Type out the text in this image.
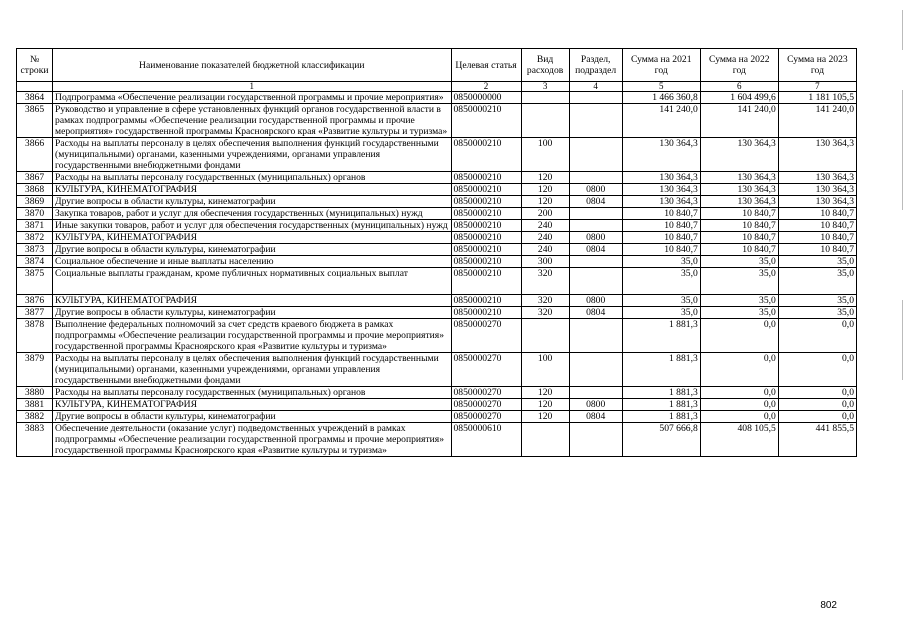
№ строки	Наименование показателей бюджетной классификации	Целевая статья	Вид расходов	Раздел, подраздел	Сумма на 2021 год	Сумма на 2022 год	Сумма на 2023 год
	1	2	3	4	5	6	7
3864	Подпрограмма «Обеспечение реализации государственной программы и прочие мероприятия»	0850000000			1 466 360,8	1 604 499,6	1 181 105,5
3865	Руководство и управление в сфере установленных функций органов государственной власти в рамках подпрограммы «Обеспечение реализации государственной программы и прочие мероприятия» государственной программы Красноярского края «Развитие культуры и туризма»	0850000210			141 240,0	141 240,0	141 240,0
3866	Расходы на выплаты персоналу в целях обеспечения выполнения функций государственными (муниципальными) органами, казенными учреждениями, органами управления государственными внебюджетными фондами	0850000210	100		130 364,3	130 364,3	130 364,3
3867	Расходы на выплаты персоналу государственных (муниципальных) органов	0850000210	120		130 364,3	130 364,3	130 364,3
3868	КУЛЬТУРА, КИНЕМАТОГРАФИЯ	0850000210	120	0800	130 364,3	130 364,3	130 364,3
3869	Другие вопросы в области культуры, кинематографии	0850000210	120	0804	130 364,3	130 364,3	130 364,3
3870	Закупка товаров, работ и услуг для обеспечения государственных (муниципальных) нужд	0850000210	200		10 840,7	10 840,7	10 840,7
3871	Иные закупки товаров, работ и услуг для обеспечения государственных (муниципальных) нужд	0850000210	240		10 840,7	10 840,7	10 840,7
3872	КУЛЬТУРА, КИНЕМАТОГРАФИЯ	0850000210	240	0800	10 840,7	10 840,7	10 840,7
3873	Другие вопросы в области культуры, кинематографии	0850000210	240	0804	10 840,7	10 840,7	10 840,7
3874	Социальное обеспечение и иные выплаты населению	0850000210	300		35,0	35,0	35,0
3875	Социальные выплаты гражданам, кроме публичных нормативных социальных выплат	0850000210	320		35,0	35,0	35,0
3876	КУЛЬТУРА, КИНЕМАТОГРАФИЯ	0850000210	320	0800	35,0	35,0	35,0
3877	Другие вопросы в области культуры, кинематографии	0850000210	320	0804	35,0	35,0	35,0
3878	Выполнение федеральных полномочий за счет средств краевого бюджета в рамках подпрограммы «Обеспечение реализации государственной программы и прочие мероприятия» государственной программы Красноярского края «Развитие культуры и туризма»	0850000270			1 881,3	0,0	0,0
3879	Расходы на выплаты персоналу в целях обеспечения выполнения функций государственными (муниципальными) органами, казенными учреждениями, органами управления государственными внебюджетными фондами	0850000270	100		1 881,3	0,0	0,0
3880	Расходы на выплаты персоналу государственных (муниципальных) органов	0850000270	120		1 881,3	0,0	0,0
3881	КУЛЬТУРА, КИНЕМАТОГРАФИЯ	0850000270	120	0800	1 881,3	0,0	0,0
3882	Другие вопросы в области культуры, кинематографии	0850000270	120	0804	1 881,3	0,0	0,0
3883	Обеспечение деятельности (оказание услуг) подведомственных учреждений в рамках подпрограммы «Обеспечение реализации государственной программы и прочие мероприятия» государственной программы Красноярского края «Развитие культуры и туризма»	0850000610			507 666,8	408 105,5	441 855,5
802
